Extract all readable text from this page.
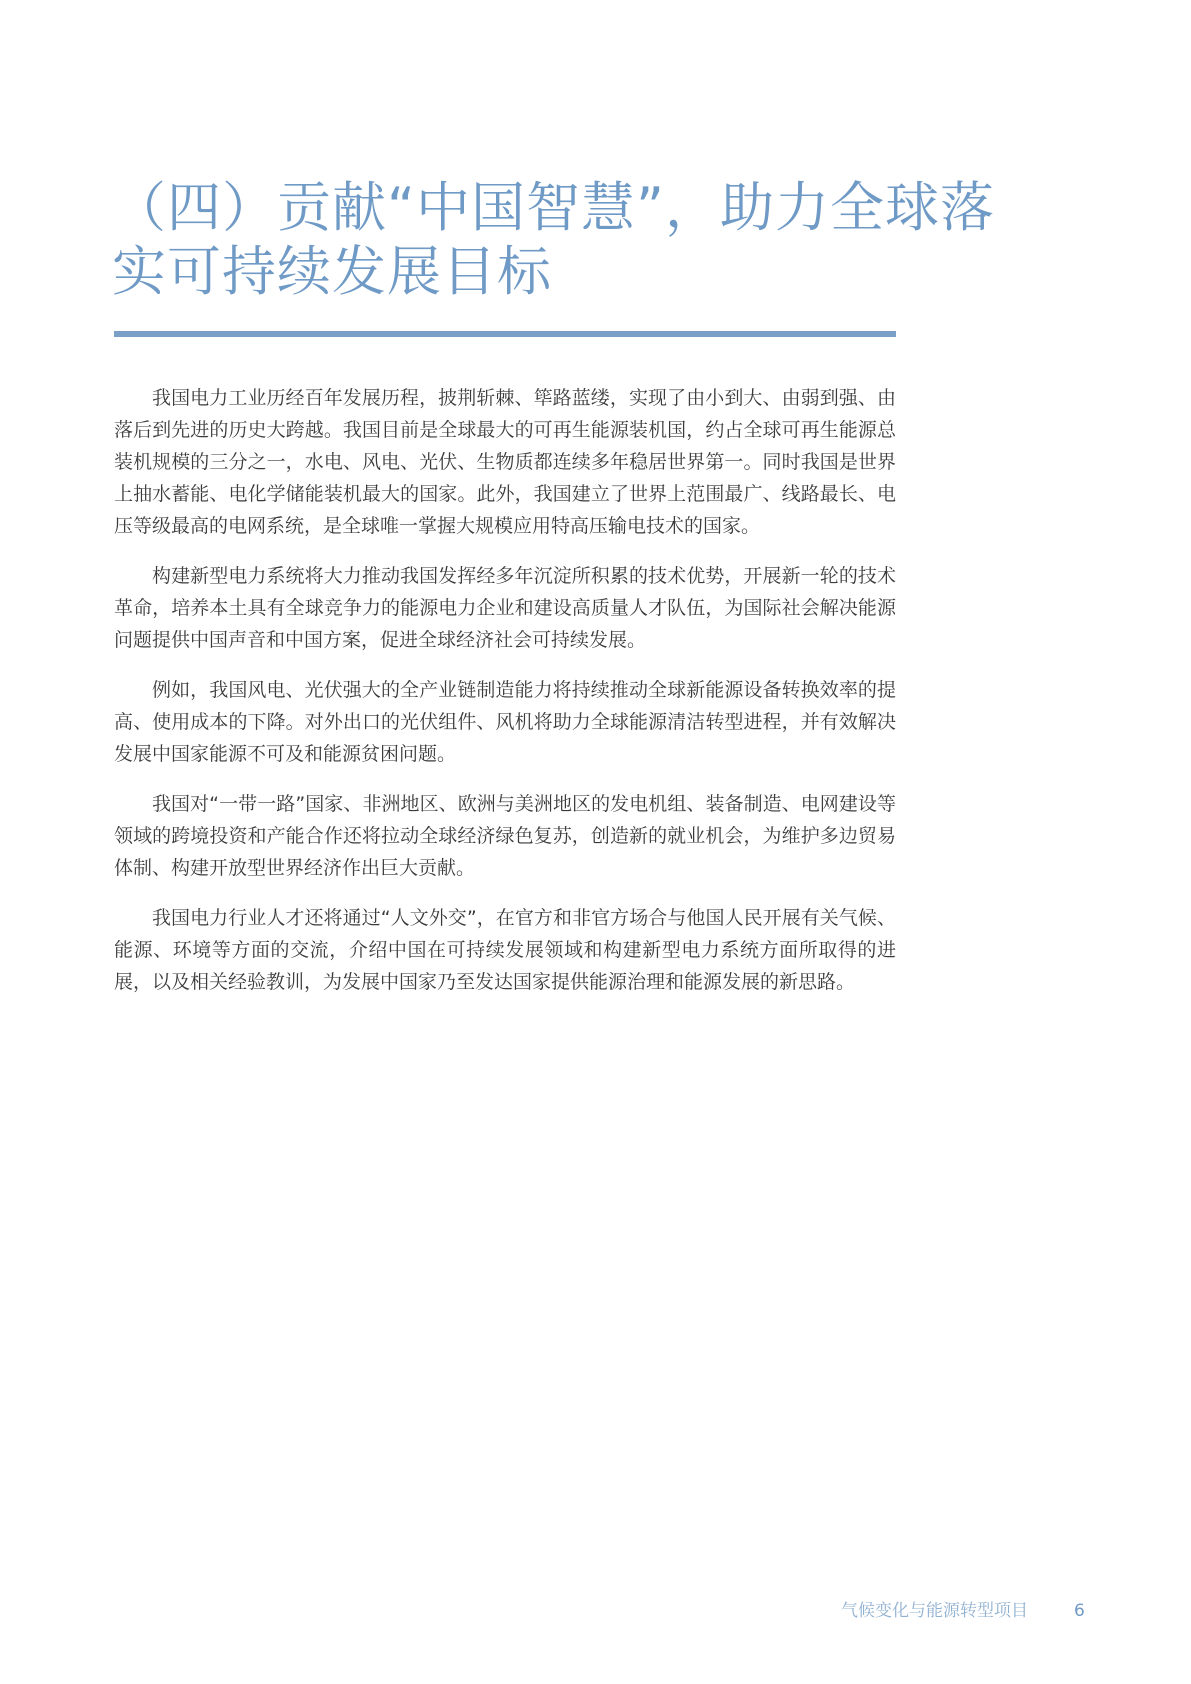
（四）贡献“中国智慧”，助力全球落
实可持续发展目标

我国电力工业历经百年发展历程，披荆斩棘、筚路蓝缕，实现了由小到大、由弱到强、由落后到先进的历史大跨越。我国目前是全球最大的可再生能源装机国，约占全球可再生能源总装机规模的三分之一，水电、风电、光伏、生物质都连续多年稳居世界第一。同时我国是世界上抽水蓄能、电化学储能装机最大的国家。此外，我国建立了世界上范围最广、线路最长、电压等级最高的电网系统，是全球唯一掌握大规模应用特高压输电技术的国家。

构建新型电力系统将大力推动我国发挥经多年沉淀所积累的技术优势，开展新一轮的技术革命，培养本土具有全球竞争力的能源电力企业和建设高质量人才队伍，为国际社会解决能源问题提供中国声音和中国方案，促进全球经济社会可持续发展。

例如，我国风电、光伏强大的全产业链制造能力将持续推动全球新能源设备转换效率的提高、使用成本的下降。对外出口的光伏组件、风机将助力全球能源清洁转型进程，并有效解决发展中国家能源不可及和能源贫困问题。

我国对“一带一路”国家、非洲地区、欧洲与美洲地区的发电机组、装备制造、电网建设等领域的跨境投资和产能合作还将拉动全球经济绿色复苏，创造新的就业机会，为维护多边贸易体制、构建开放型世界经济作出巨大贡献。

我国电力行业人才还将通过“人文外交”，在官方和非官方场合与他国人民开展有关气候、能源、环境等方面的交流，介绍中国在可持续发展领域和构建新型电力系统方面所取得的进展，以及相关经验教训，为发展中国家乃至发达国家提供能源治理和能源发展的新思路。

气候变化与能源转型项目	6
